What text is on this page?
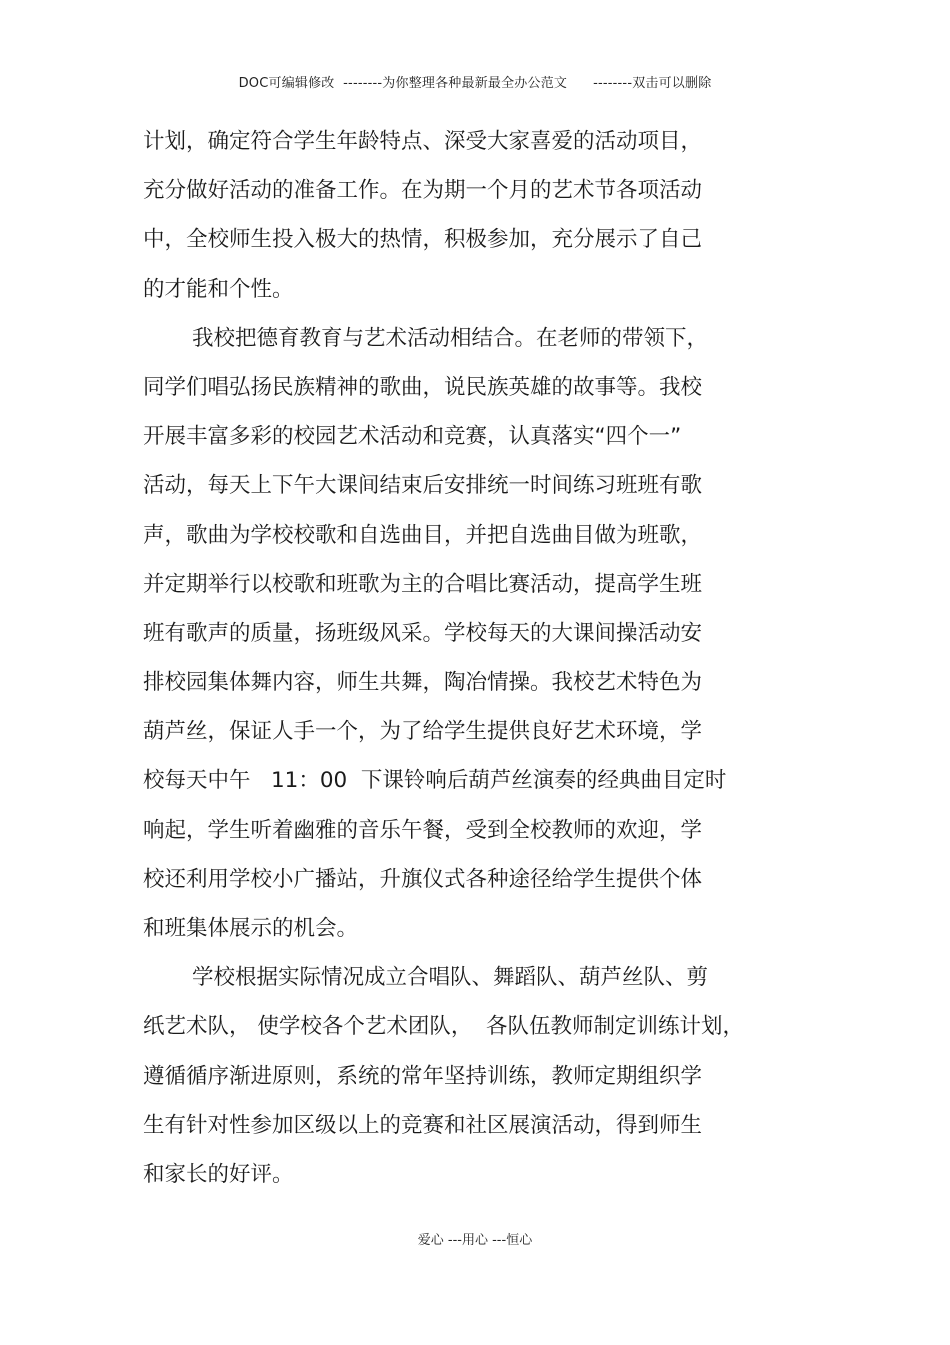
DOC可编辑修改  --------为你整理各种最新最全办公范文      --------双击可以删除
计划，确定符合学生年龄特点、深受大家喜爱的活动项目，
充分做好活动的准备工作。在为期一个月的艺术节各项活动
中，全校师生投入极大的热情，积极参加，充分展示了自己
的才能和个性。
我校把德育教育与艺术活动相结合。在老师的带领下，
同学们唱弘扬民族精神的歌曲，说民族英雄的故事等。我校
开展丰富多彩的校园艺术活动和竞赛，认真落实“四个一”
活动，每天上下午大课间结束后安排统一时间练习班班有歌
声，歌曲为学校校歌和自选曲目，并把自选曲目做为班歌，
并定期举行以校歌和班歌为主的合唱比赛活动，提高学生班
班有歌声的质量，扬班级风采。学校每天的大课间操活动安
排校园集体舞内容，师生共舞，陶冶情操。我校艺术特色为
葫芦丝，保证人手一个，为了给学生提供良好艺术环境，学
校每天中午   11：00  下课铃响后葫芦丝演奏的经典曲目定时
响起，学生听着幽雅的音乐午餐，受到全校教师的欢迎，学
校还利用学校小广播站，升旗仪式各种途径给学生提供个体
和班集体展示的机会。
学校根据实际情况成立合唱队、舞蹈队、葫芦丝队、剪
纸艺术队， 使学校各个艺术团队，  各队伍教师制定训练计划，
遵循循序渐进原则，系统的常年坚持训练，教师定期组织学
生有针对性参加区级以上的竞赛和社区展演活动，得到师生
和家长的好评。
爱心 ---用心 ---恒心
